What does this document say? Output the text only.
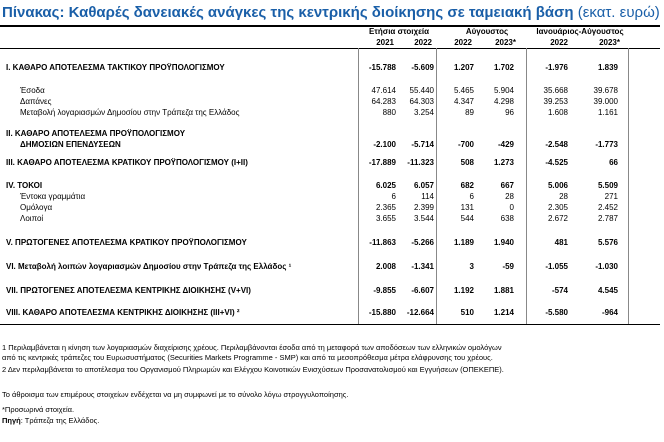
Πίνακας: Καθαρές δανειακές ανάγκες της κεντρικής διοίκησης σε ταμειακή βάση (εκατ. ευρώ)
Ετήσια στοιχεία	Αύγουστος	Ιανουάριος-Αύγουστος
2021	2022	2022	2023*	2022	2023*
I. ΚΑΘΑΡΟ ΑΠΟΤΕΛΕΣΜΑ ΤΑΚΤΙΚΟΥ ΠΡΟΫΠΟΛΟΓΙΣΜΟΥ	-15.788	-5.609	1.207	1.702	-1.976	1.839
Έσοδα	47.614	55.440	5.465	5.904	35.668	39.678
Δαπάνες	64.283	64.303	4.347	4.298	39.253	39.000
Μεταβολή λογαριασμών Δημοσίου στην Τράπεζα της Ελλάδος	880	3.254	89	96	1.608	1.161
II. ΚΑΘΑΡΟ ΑΠΟΤΕΛΕΣΜΑ ΠΡΟΫΠΟΛΟΓΙΣΜΟΥ
ΔΗΜΟΣΙΩΝ ΕΠΕΝΔΥΣΕΩΝ	-2.100	-5.714	-700	-429	-2.548	-1.773
III. ΚΑΘΑΡΟ ΑΠΟΤΕΛΕΣΜΑ ΚΡΑΤΙΚΟΥ ΠΡΟΫΠΟΛΟΓΙΣΜΟΥ (I+II)	-17.889	-11.323	508	1.273	-4.525	66
IV. ΤΟΚΟΙ	6.025	6.057	682	667	5.006	5.509
Έντοκα γραμμάτια	6	114	6	28	28	271
Ομόλογα	2.365	2.399	131	0	2.305	2.452
Λοιποί	3.655	3.544	544	638	2.672	2.787
V. ΠΡΩΤΟΓΕΝΕΣ ΑΠΟΤΕΛΕΣΜΑ ΚΡΑΤΙΚΟΥ ΠΡΟΫΠΟΛΟΓΙΣΜΟΥ	-11.863	-5.266	1.189	1.940	481	5.576
VI. Μεταβολή λοιπών λογαριασμών Δημοσίου στην Τράπεζα της Ελλάδος ¹	2.008	-1.341	3	-59	-1.055	-1.030
VII. ΠΡΩΤΟΓΕΝΕΣ ΑΠΟΤΕΛΕΣΜΑ ΚΕΝΤΡΙΚΗΣ ΔΙΟΙΚΗΣΗΣ (V+VI)	-9.855	-6.607	1.192	1.881	-574	4.545
VIII. ΚΑΘΑΡΟ ΑΠΟΤΕΛΕΣΜΑ ΚΕΝΤΡΙΚΗΣ ΔΙΟΙΚΗΣΗΣ (III+VI) ²	-15.880	-12.664	510	1.214	-5.580	-964
1 Περιλαμβάνεται η κίνηση των λογαριασμών διαχείρισης χρέους. Περιλαμβάνονται έσοδα από τη μεταφορά των αποδόσεων των ελληνικών ομολόγων
από τις κεντρικές τράπεζες του Ευρωσυστήματος (Securities Markets Programme - SMP) και από τα μεσοπρόθεσμα μέτρα ελάφρυνσης του χρέους.
2 Δεν περιλαμβάνεται το αποτέλεσμα του Οργανισμού Πληρωμών και Ελέγχου Κοινοτικών Ενισχύσεων Προσανατολισμού και Εγγυήσεων (ΟΠΕΚΕΠΕ).
Το άθροισμα των επιμέρους στοιχείων ενδέχεται να μη συμφωνεί με το σύνολο λόγω στρογγυλοποίησης.
*Προσωρινά στοιχεία.
Πηγή: Τράπεζα της Ελλάδος.
